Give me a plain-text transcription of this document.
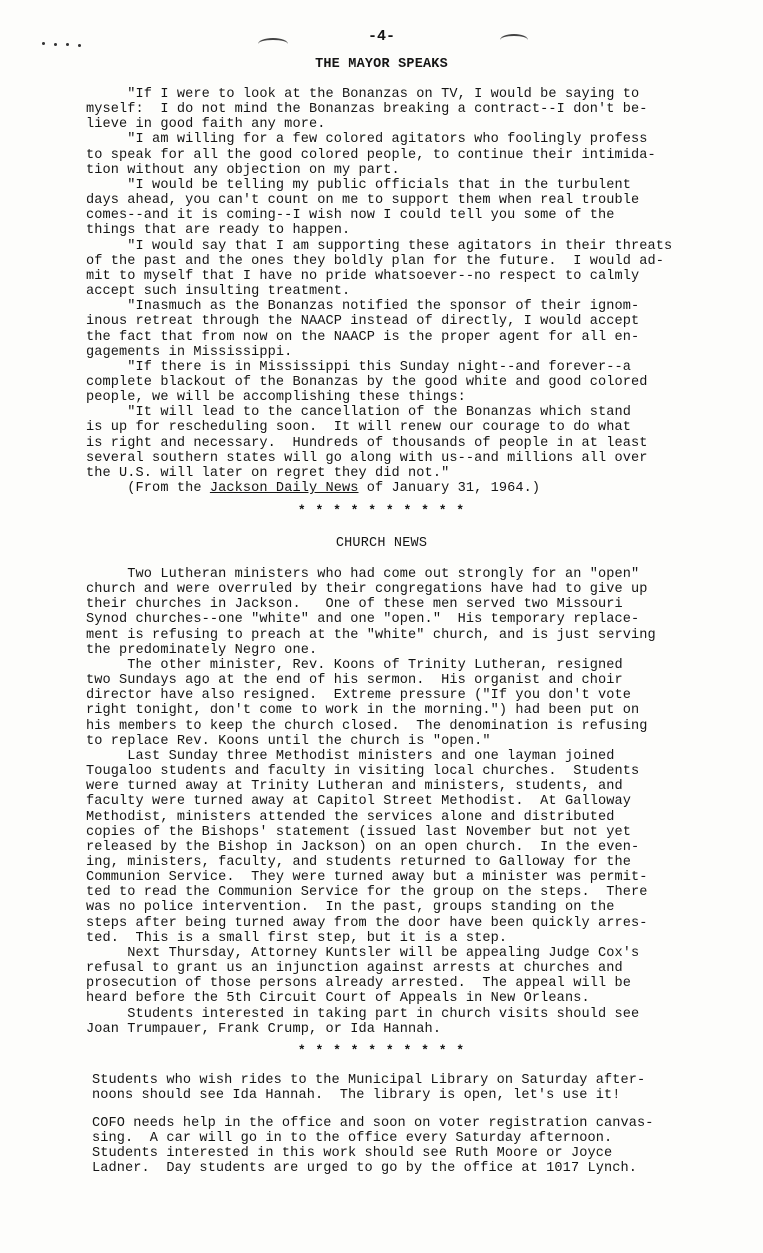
-4-
THE MAYOR SPEAKS

"If I were to look at the Bonanzas on TV, I would be saying to

myself:  I do not mind the Bonanzas breaking a contract--I don't be-

lieve in good faith any more.

"I am willing for a few colored agitators who foolingly profess

to speak for all the good colored people, to continue their intimida-

tion without any objection on my part.

"I would be telling my public officials that in the turbulent

days ahead, you can't count on me to support them when real trouble

comes--and it is coming--I wish now I could tell you some of the

things that are ready to happen.

"I would say that I am supporting these agitators in their threats

of the past and the ones they boldly plan for the future.  I would ad-

mit to myself that I have no pride whatsoever--no respect to calmly

accept such insulting treatment.

"Inasmuch as the Bonanzas notified the sponsor of their ignom-

inous retreat through the NAACP instead of directly, I would accept

the fact that from now on the NAACP is the proper agent for all en-

gagements in Mississippi.

"If there is in Mississippi this Sunday night--and forever--a

complete blackout of the Bonanzas by the good white and good colored

people, we will be accomplishing these things:

"It will lead to the cancellation of the Bonanzas which stand

is up for rescheduling soon.  It will renew our courage to do what

is right and necessary.  Hundreds of thousands of people in at least

several southern states will go along with us--and millions all over

the U.S. will later on regret they did not."

(From the Jackson Daily News of January 31, 1964.)
* * * * * * * * * *
CHURCH NEWS

Two Lutheran ministers who had come out strongly for an "open"

church and were overruled by their congregations have had to give up

their churches in Jackson.   One of these men served two Missouri

Synod churches--one "white" and one "open."  His temporary replace-

ment is refusing to preach at the "white" church, and is just serving

the predominately Negro one.

The other minister, Rev. Koons of Trinity Lutheran, resigned

two Sundays ago at the end of his sermon.  His organist and choir

director have also resigned.  Extreme pressure ("If you don't vote

right tonight, don't come to work in the morning.") had been put on

his members to keep the church closed.  The denomination is refusing

to replace Rev. Koons until the church is "open."

Last Sunday three Methodist ministers and one layman joined

Tougaloo students and faculty in visiting local churches.  Students

were turned away at Trinity Lutheran and ministers, students, and

faculty were turned away at Capitol Street Methodist.  At Galloway

Methodist, ministers attended the services alone and distributed

copies of the Bishops' statement (issued last November but not yet

released by the Bishop in Jackson) on an open church.  In the even-

ing, ministers, faculty, and students returned to Galloway for the

Communion Service.  They were turned away but a minister was permit-

ted to read the Communion Service for the group on the steps.  There

was no police intervention.  In the past, groups standing on the

steps after being turned away from the door have been quickly arres-

ted.  This is a small first step, but it is a step.

Next Thursday, Attorney Kuntsler will be appealing Judge Cox's

refusal to grant us an injunction against arrests at churches and

prosecution of those persons already arrested.  The appeal will be

heard before the 5th Circuit Court of Appeals in New Orleans.

Students interested in taking part in church visits should see

Joan Trumpauer, Frank Crump, or Ida Hannah.

* * * * * * * * * *

Students who wish rides to the Municipal Library on Saturday after-

noons should see Ida Hannah.  The library is open, let's use it!

COFO needs help in the office and soon on voter registration canvas-

sing.  A car will go in to the office every Saturday afternoon.

Students interested in this work should see Ruth Moore or Joyce

Ladner.  Day students are urged to go by the office at 1017 Lynch.
